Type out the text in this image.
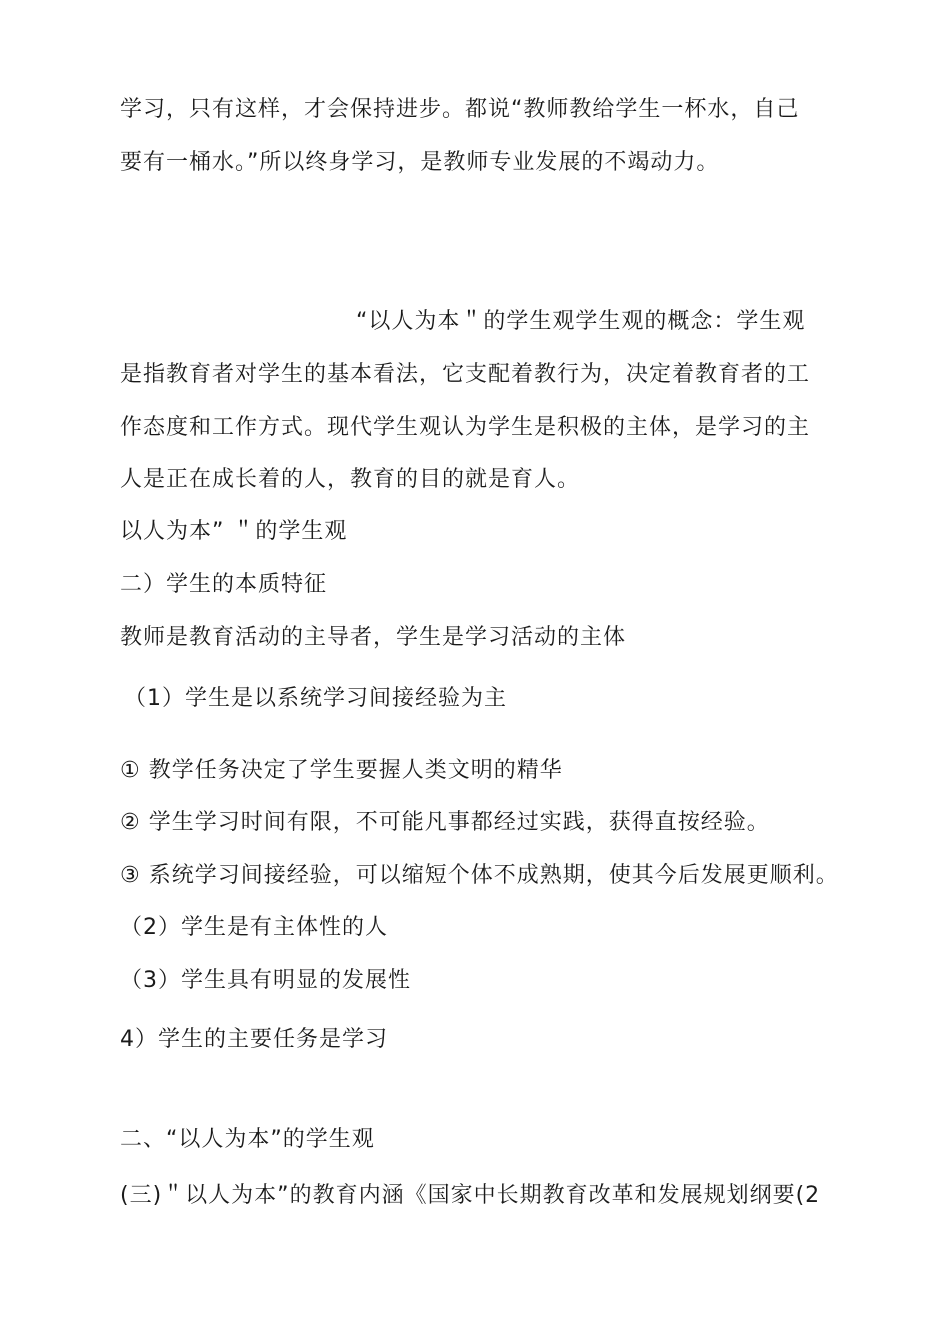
学习，只有这样，才会保持进步。都说“教师教给学生一杯水，自己
要有一桶水。”所以终身学习，是教师专业发展的不竭动力。
“以人为本＂的学生观学生观的概念：学生观
是指教育者对学生的基本看法，它支配着教行为，决定着教育者的工
作态度和工作方式。现代学生观认为学生是积极的主体，是学习的主
人是正在成长着的人，教育的目的就是育人。
以人为本” ＂的学生观
二）学生的本质特征
教师是教育活动的主导者，学生是学习活动的主体
（1）学生是以系统学习间接经验为主
① 教学任务决定了学生要握人类文明的精华
② 学生学习时间有限，不可能凡事都经过实践，获得直按经验。
③ 系统学习间接经验，可以缩短个体不成熟期，使其今后发展更顺利。
（2）学生是有主体性的人
（3）学生具有明显的发展性
4）学生的主要任务是学习
二、“以人为本”的学生观
(三)＂以人为本”的教育内涵《国家中长期教育改革和发展规划纲要(2
